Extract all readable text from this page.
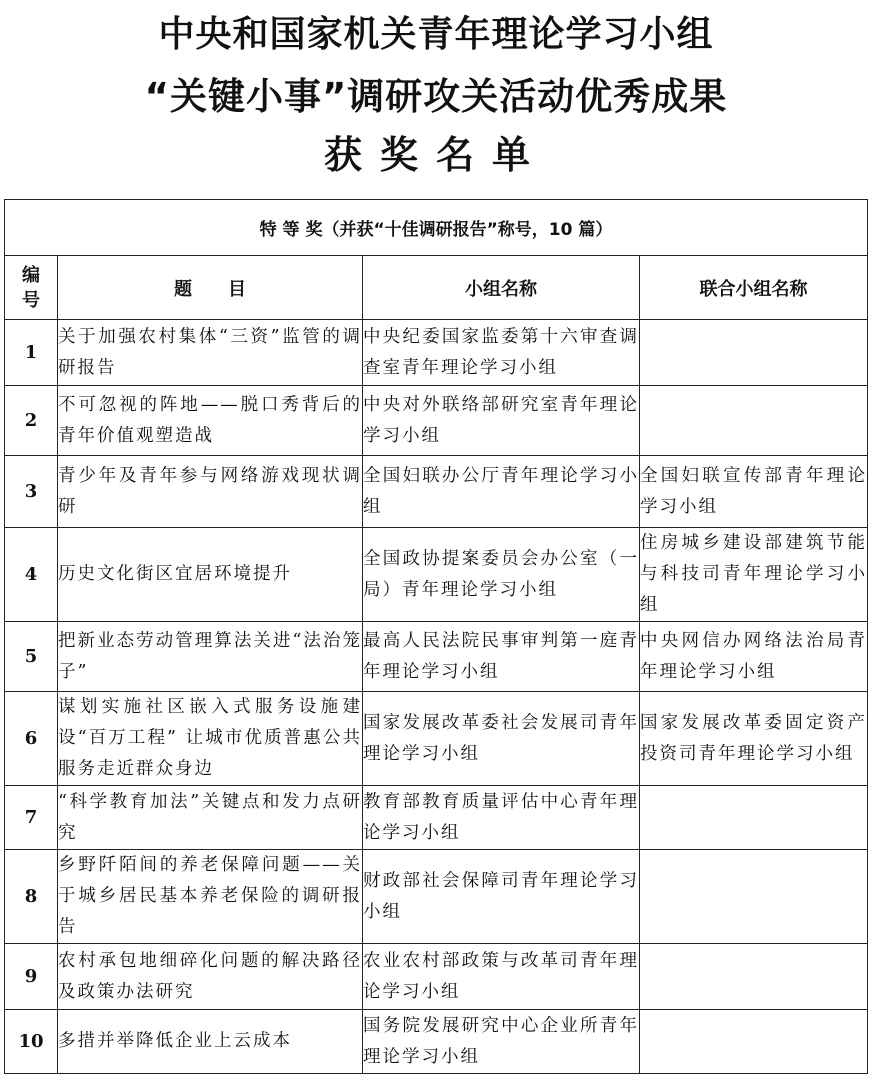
中央和国家机关青年理论学习小组
“关键小事”调研攻关活动优秀成果
获奖名单
特 等 奖（并获“十佳调研报告”称号，10 篇）			
编号	题　　目	小组名称	联合小组名称
1	关于加强农村集体“三资”监管的调研报告	中央纪委国家监委第十六审查调查室青年理论学习小组	
2	不可忽视的阵地——脱口秀背后的青年价值观塑造战	中央对外联络部研究室青年理论学习小组	
3	青少年及青年参与网络游戏现状调研	全国妇联办公厅青年理论学习小组	全国妇联宣传部青年理论学习小组
4	历史文化街区宜居环境提升	全国政协提案委员会办公室（一局）青年理论学习小组	住房城乡建设部建筑节能与科技司青年理论学习小组
5	把新业态劳动管理算法关进“法治笼子”	最高人民法院民事审判第一庭青年理论学习小组	中央网信办网络法治局青年理论学习小组
6	谋划实施社区嵌入式服务设施建设“百万工程” 让城市优质普惠公共服务走近群众身边	国家发展改革委社会发展司青年理论学习小组	国家发展改革委固定资产投资司青年理论学习小组
7	“科学教育加法”关键点和发力点研究	教育部教育质量评估中心青年理论学习小组	
8	乡野阡陌间的养老保障问题——关于城乡居民基本养老保险的调研报告	财政部社会保障司青年理论学习小组	
9	农村承包地细碎化问题的解决路径及政策办法研究	农业农村部政策与改革司青年理论学习小组	
10	多措并举降低企业上云成本	国务院发展研究中心企业所青年理论学习小组	
